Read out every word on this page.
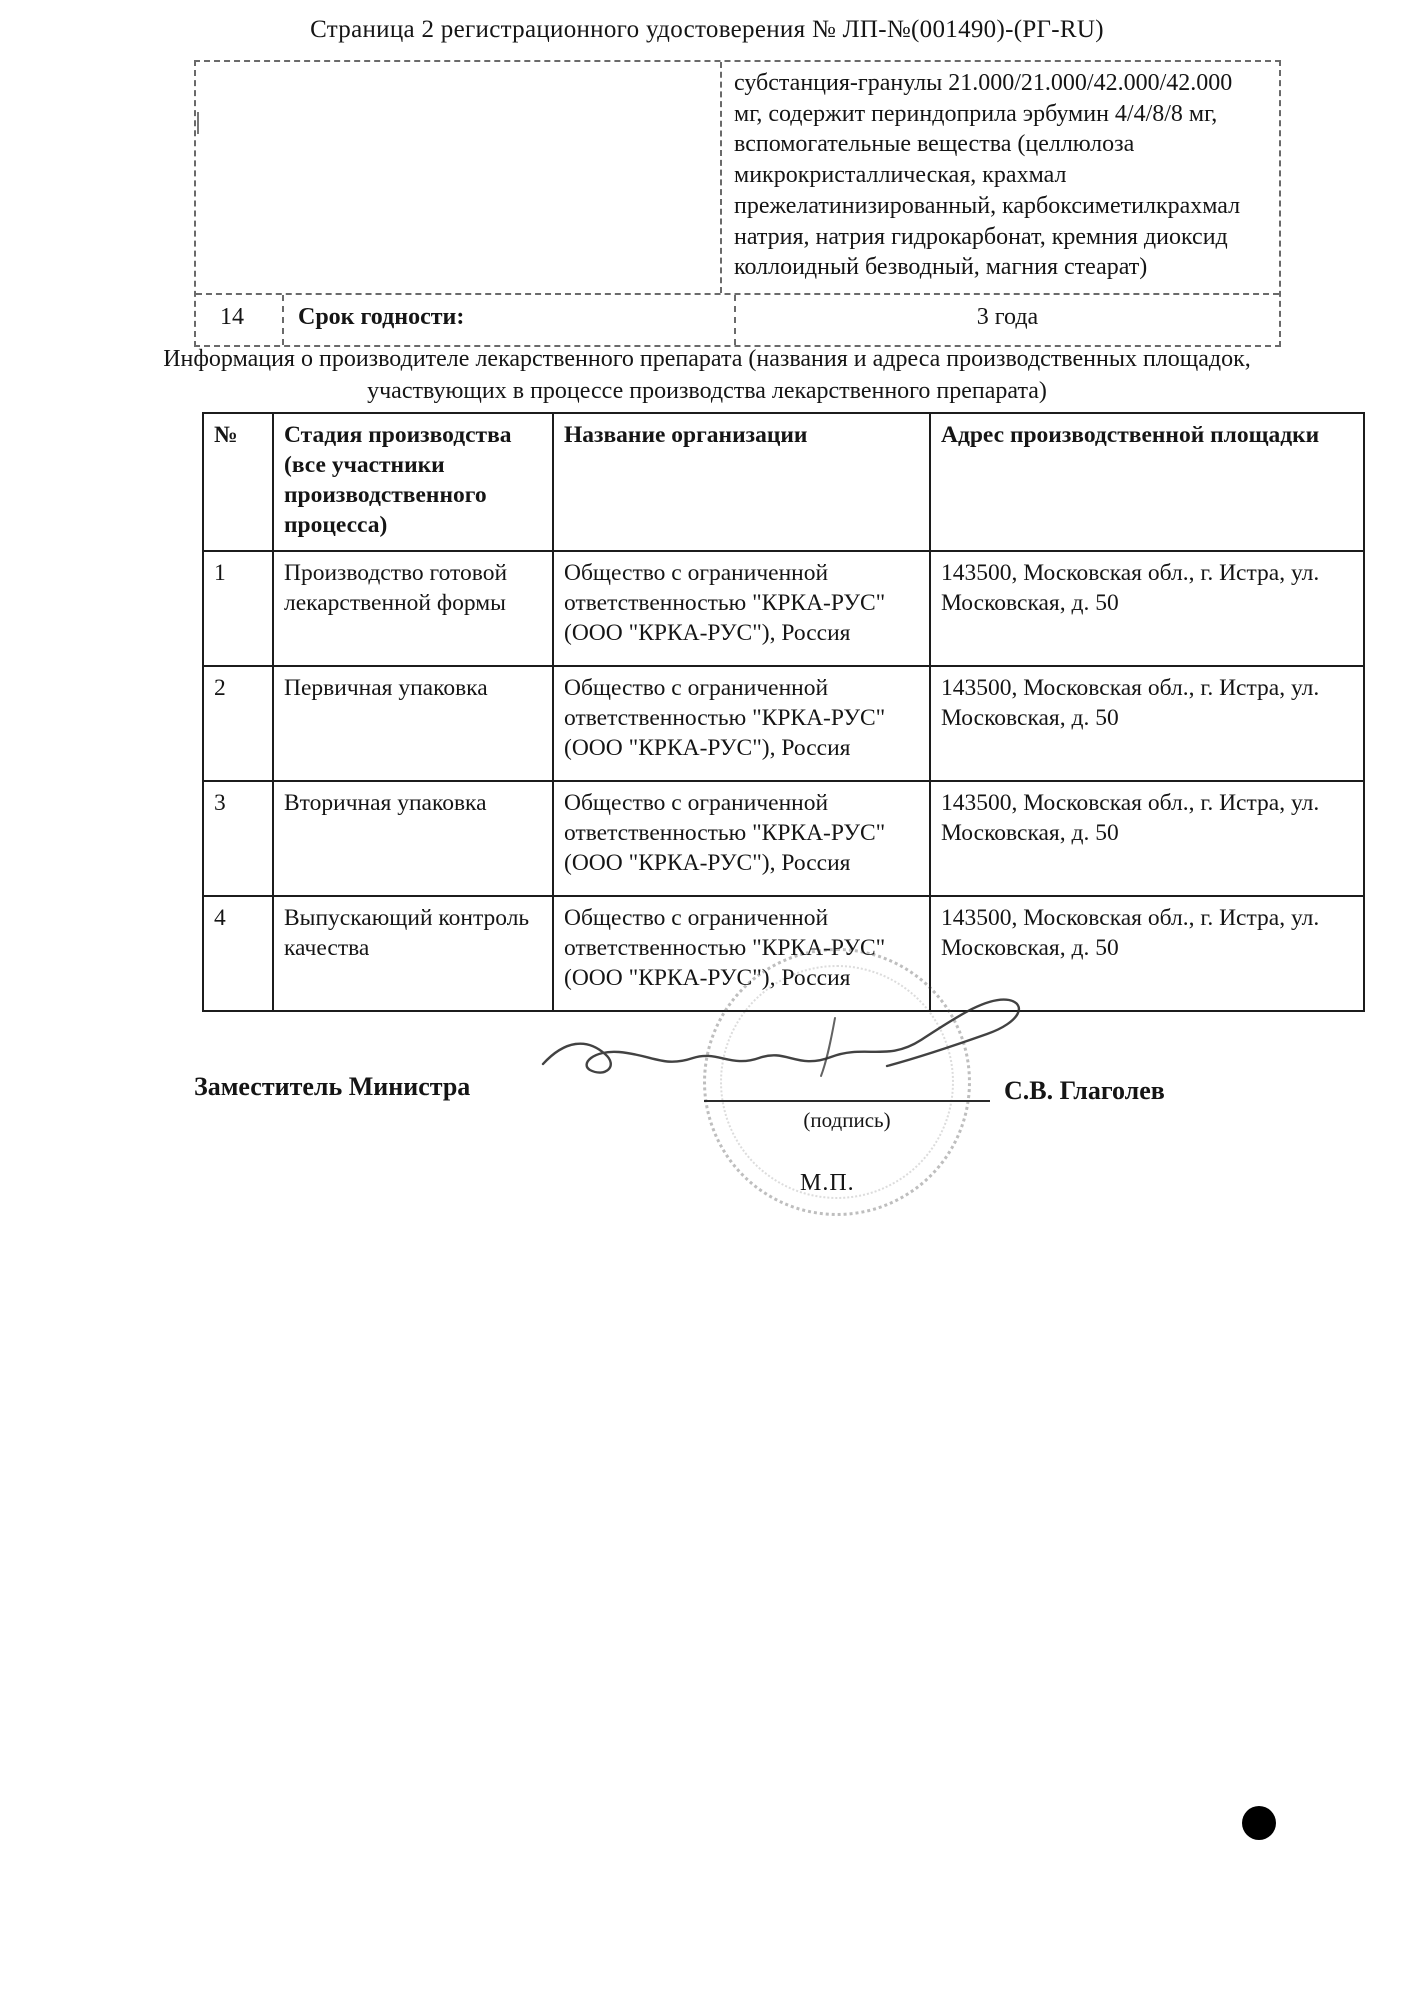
Страница 2 регистрационного удостоверения № ЛП-№(001490)-(РГ-RU)
субстанция-гранулы 21.000/21.000/42.000/42.000 мг, содержит периндоприла эрбумин 4/4/8/8 мг, вспомогательные вещества (целлюлоза микрокристаллическая, крахмал прежелатинизированный, карбоксиметилкрахмал натрия, натрия гидрокарбонат, кремния диоксид коллоидный безводный, магния стеарат)
14	Срок годности:	3 года
Информация о производителе лекарственного препарата (названия и адреса производственных площадок, участвующих в процессе производства лекарственного препарата)
№	Стадия производства (все участники производственного процесса)	Название организации	Адрес производственной площадки
1	Производство готовой лекарственной формы	Общество с ограниченной ответственностью "КРКА-РУС" (ООО "КРКА-РУС"), Россия	143500, Московская обл., г. Истра, ул. Московская, д. 50
2	Первичная упаковка	Общество с ограниченной ответственностью "КРКА-РУС" (ООО "КРКА-РУС"), Россия	143500, Московская обл., г. Истра, ул. Московская, д. 50
3	Вторичная упаковка	Общество с ограниченной ответственностью "КРКА-РУС" (ООО "КРКА-РУС"), Россия	143500, Московская обл., г. Истра, ул. Московская, д. 50
4	Выпускающий контроль качества	Общество с ограниченной ответственностью "КРКА-РУС" (ООО "КРКА-РУС"), Россия	143500, Московская обл., г. Истра, ул. Московская, д. 50
Заместитель Министра	С.В. Глаголев
(подпись)
М.П.
